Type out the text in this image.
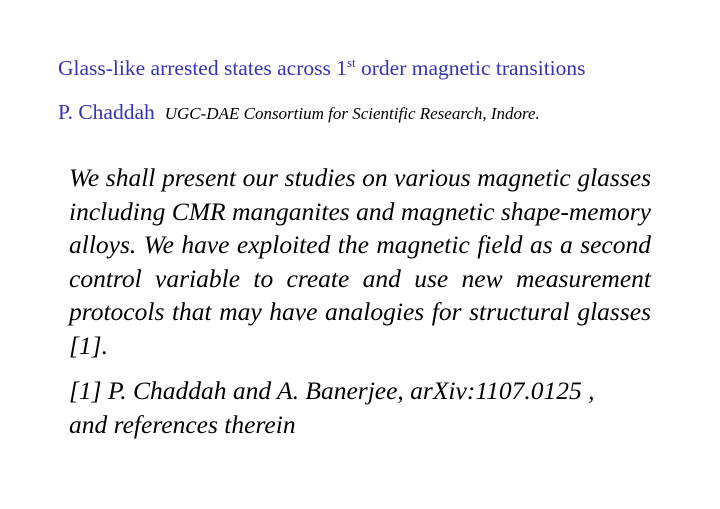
Glass-like arrested states across 1st order magnetic transitions
P. Chaddah UGC-DAE Consortium for Scientific Research, Indore.

We shall present our studies on various magnetic glasses including CMR manganites and magnetic shape-memory alloys. We have exploited the magnetic field as a second control variable to create and use new measurement protocols that may have analogies for structural glasses [1].

[1] P. Chaddah and A. Banerjee, arXiv:1107.0125 ,
and references therein
